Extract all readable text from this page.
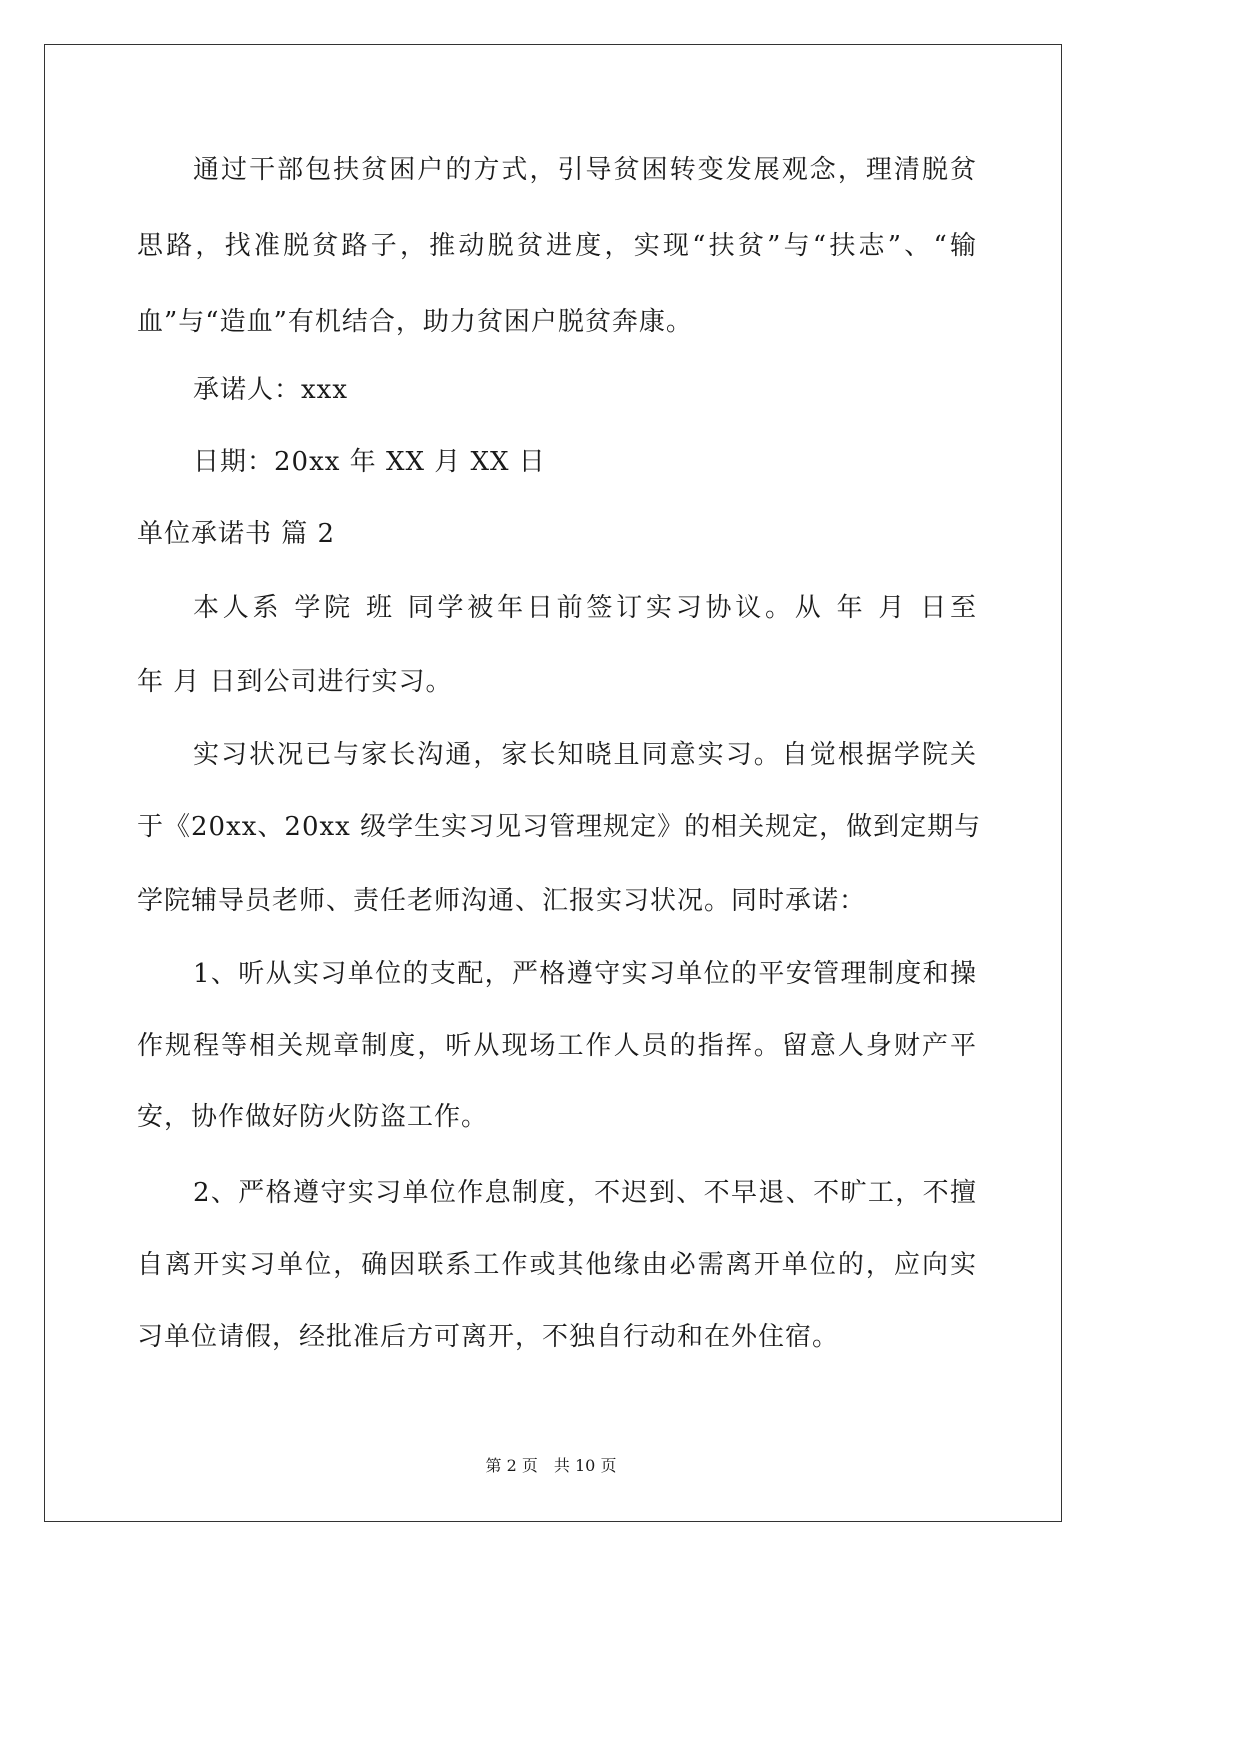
通过干部包扶贫困户的方式，引导贫困转变发展观念，理清脱贫
思路，找准脱贫路子，推动脱贫进度，实现“扶贫”与“扶志”、“输
血”与“造血”有机结合，助力贫困户脱贫奔康。
承诺人：xxx
日期：20xx 年 XX 月 XX 日
单位承诺书 篇 2
本人系 学院 班 同学被年日前签订实习协议。从 年 月 日至
年 月 日到公司进行实习。
实习状况已与家长沟通，家长知晓且同意实习。自觉根据学院关
于《20xx、20xx 级学生实习见习管理规定》的相关规定，做到定期与
学院辅导员老师、责任老师沟通、汇报实习状况。同时承诺：
1、听从实习单位的支配，严格遵守实习单位的平安管理制度和操
作规程等相关规章制度，听从现场工作人员的指挥。留意人身财产平
安，协作做好防火防盗工作。
2、严格遵守实习单位作息制度，不迟到、不早退、不旷工，不擅
自离开实习单位，确因联系工作或其他缘由必需离开单位的，应向实
习单位请假，经批准后方可离开，不独自行动和在外住宿。
第 2 页 共 10 页
